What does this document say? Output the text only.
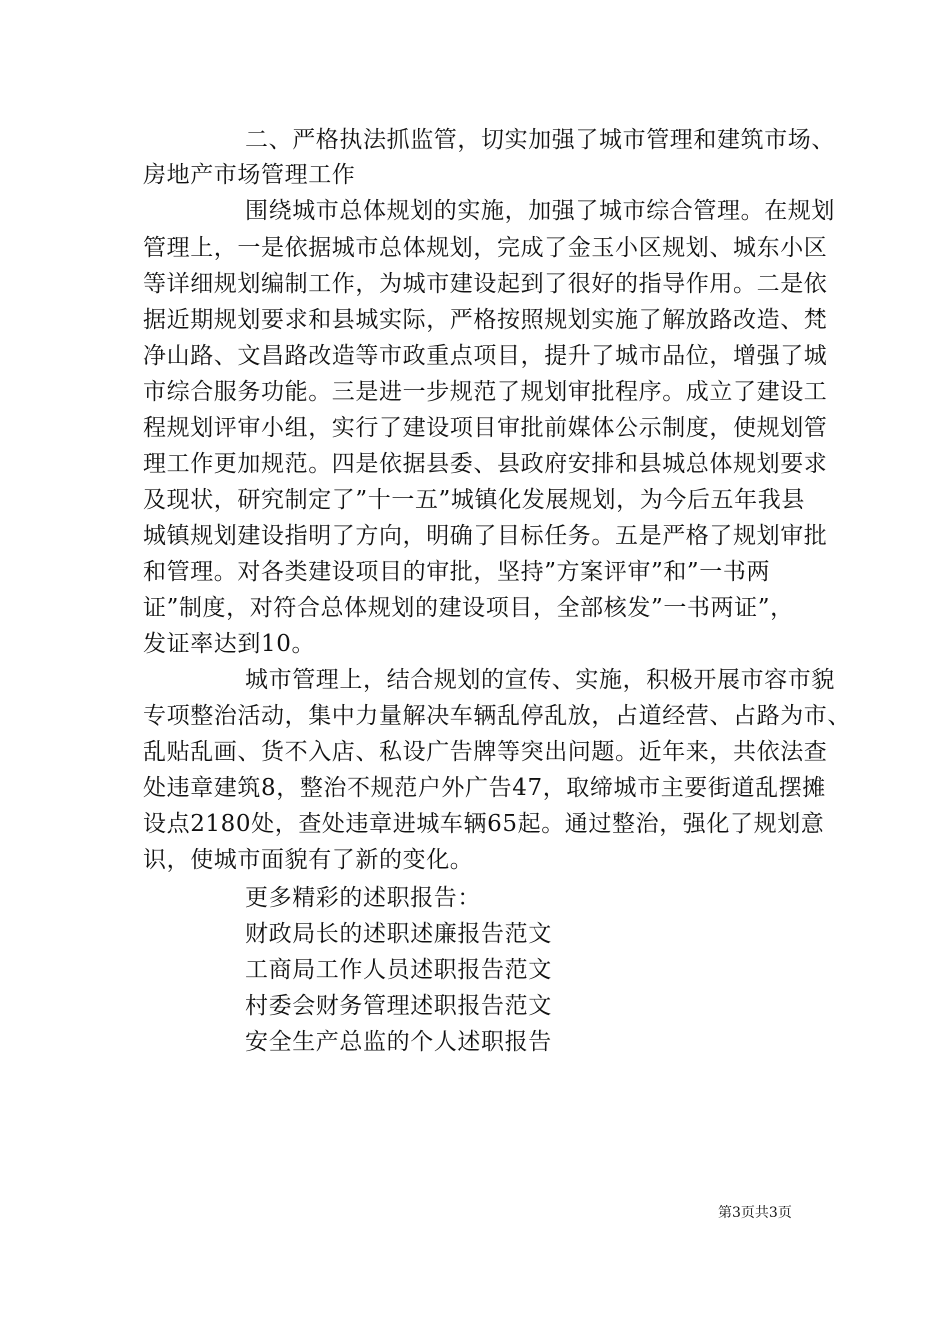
二、严格执法抓监管，切实加强了城市管理和建筑市场、
房地产市场管理工作
围绕城市总体规划的实施，加强了城市综合管理。在规划
管理上，一是依据城市总体规划，完成了金玉小区规划、城东小区
等详细规划编制工作，为城市建设起到了很好的指导作用。二是依
据近期规划要求和县城实际，严格按照规划实施了解放路改造、梵
净山路、文昌路改造等市政重点项目，提升了城市品位，增强了城
市综合服务功能。三是进一步规范了规划审批程序。成立了建设工
程规划评审小组，实行了建设项目审批前媒体公示制度，使规划管
理工作更加规范。四是依据县委、县政府安排和县城总体规划要求
及现状，研究制定了”十一五”城镇化发展规划，为今后五年我县
城镇规划建设指明了方向，明确了目标任务。五是严格了规划审批
和管理。对各类建设项目的审批，坚持”方案评审”和”一书两
证”制度，对符合总体规划的建设项目，全部核发”一书两证”，
发证率达到10。
城市管理上，结合规划的宣传、实施，积极开展市容市貌
专项整治活动，集中力量解决车辆乱停乱放，占道经营、占路为市、
乱贴乱画、货不入店、私设广告牌等突出问题。近年来，共依法查
处违章建筑8，整治不规范户外广告47，取缔城市主要街道乱摆摊
设点2180处，查处违章进城车辆65起。通过整治，强化了规划意
识，使城市面貌有了新的变化。
更多精彩的述职报告：
财政局长的述职述廉报告范文
工商局工作人员述职报告范文
村委会财务管理述职报告范文
安全生产总监的个人述职报告
第3页共3页
